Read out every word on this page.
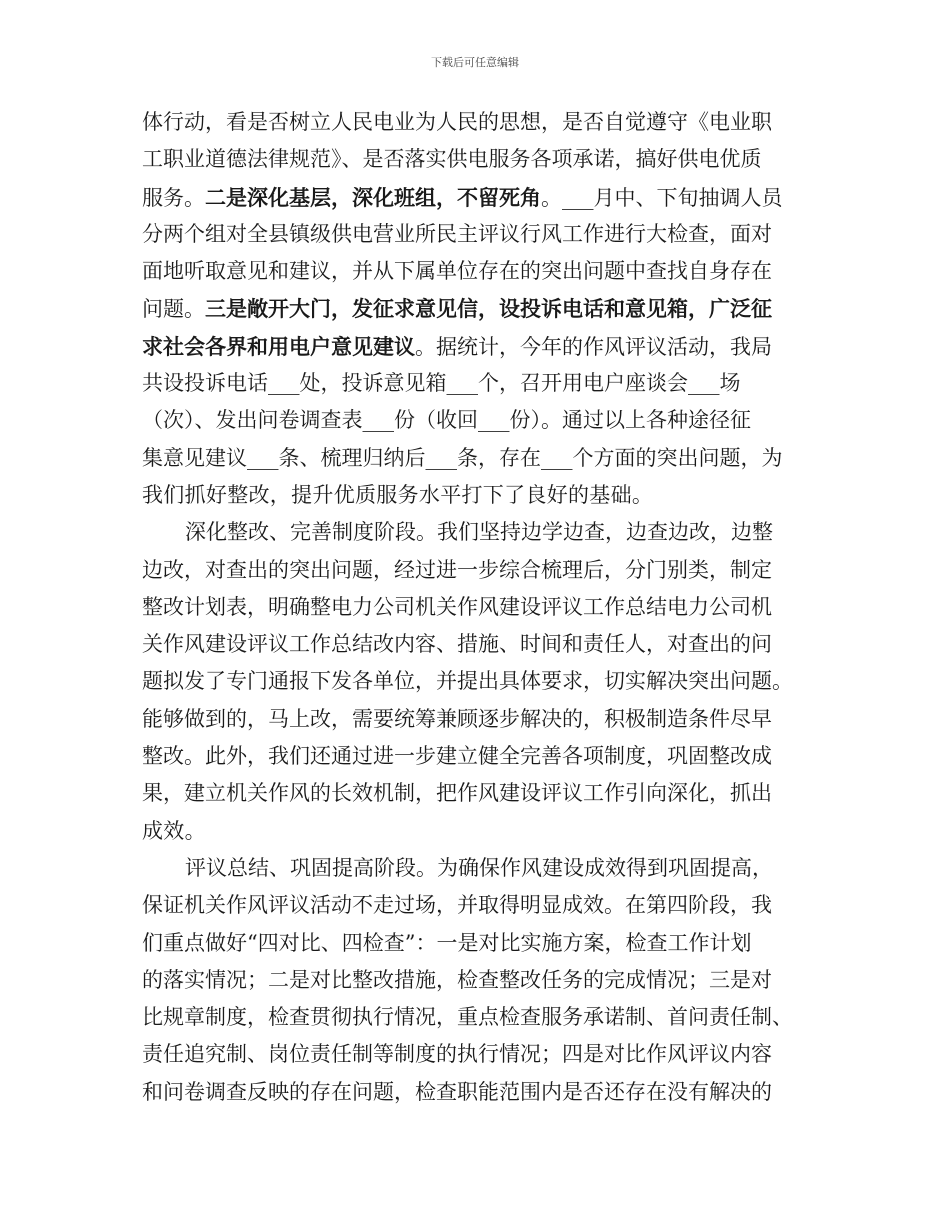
下载后可任意编辑
体行动，看是否树立人民电业为人民的思想，是否自觉遵守《电业职
工职业道德法律规范》、是否落实供电服务各项承诺，搞好供电优质
服务。二是深化基层，深化班组，不留死角。___月中、下旬抽调人员
分两个组对全县镇级供电营业所民主评议行风工作进行大检查，面对
面地听取意见和建议，并从下属单位存在的突出问题中查找自身存在
问题。三是敞开大门，发征求意见信，设投诉电话和意见箱，广泛征
求社会各界和用电户意见建议。据统计，今年的作风评议活动，我局
共设投诉电话___处，投诉意见箱___个，召开用电户座谈会___场
（次）、发出问卷调查表___份（收回___份）。通过以上各种途径征
集意见建议___条、梳理归纳后___条，存在___个方面的突出问题，为
我们抓好整改，提升优质服务水平打下了良好的基础。
深化整改、完善制度阶段。我们坚持边学边查，边查边改，边整
边改，对查出的突出问题，经过进一步综合梳理后，分门别类，制定
整改计划表，明确整电力公司机关作风建设评议工作总结电力公司机
关作风建设评议工作总结改内容、措施、时间和责任人，对查出的问
题拟发了专门通报下发各单位，并提出具体要求，切实解决突出问题。
能够做到的，马上改，需要统筹兼顾逐步解决的，积极制造条件尽早
整改。此外，我们还通过进一步建立健全完善各项制度，巩固整改成
果，建立机关作风的长效机制，把作风建设评议工作引向深化，抓出
成效。
评议总结、巩固提高阶段。为确保作风建设成效得到巩固提高，
保证机关作风评议活动不走过场，并取得明显成效。在第四阶段，我
们重点做好“四对比、四检查”：一是对比实施方案，检查工作计划
的落实情况；二是对比整改措施，检查整改任务的完成情况；三是对
比规章制度，检查贯彻执行情况，重点检查服务承诺制、首问责任制、
责任追究制、岗位责任制等制度的执行情况；四是对比作风评议内容
和问卷调查反映的存在问题，检查职能范围内是否还存在没有解决的
